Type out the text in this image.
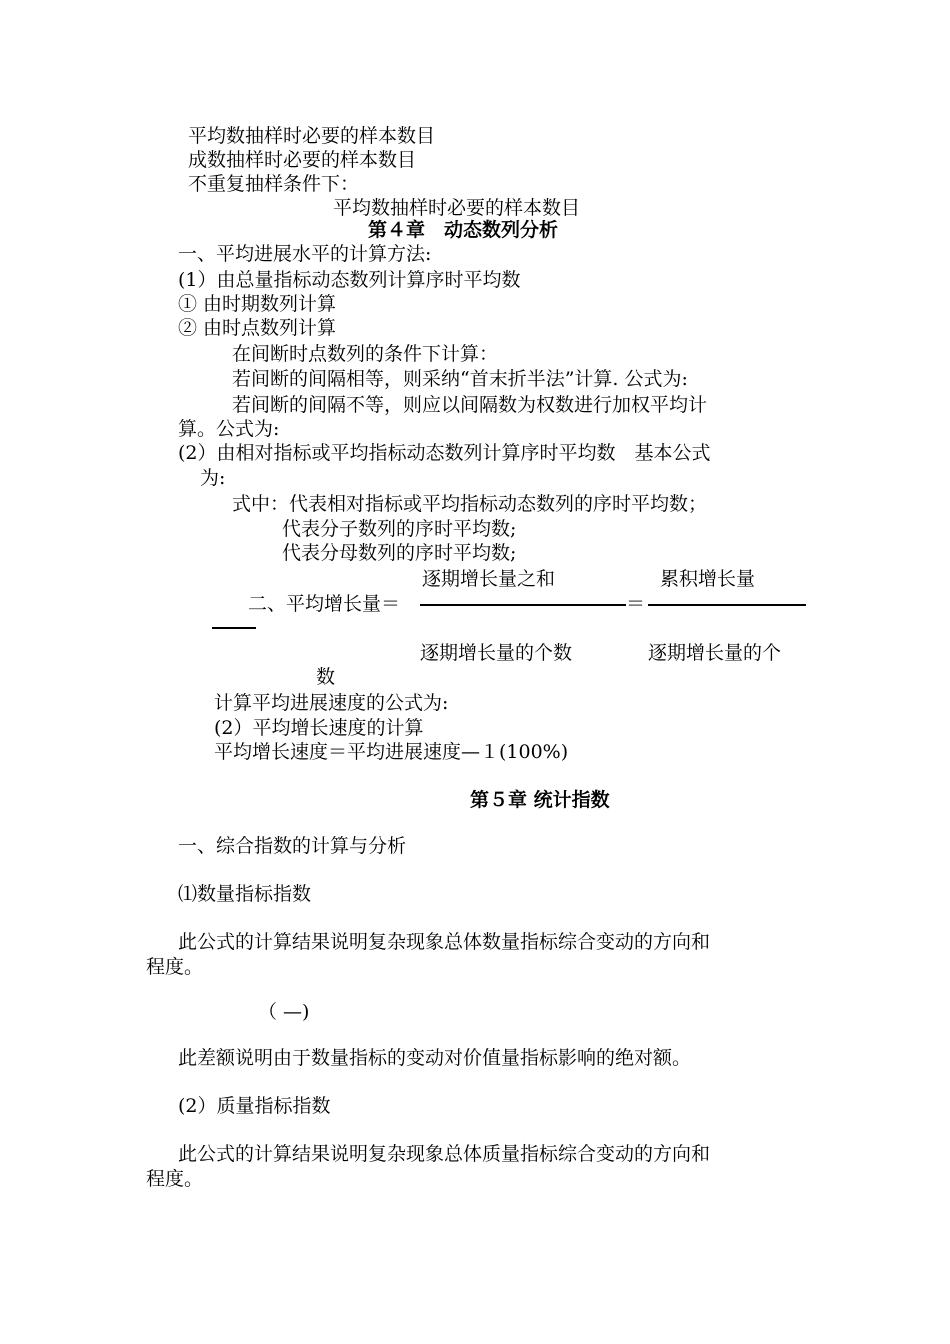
平均数抽样时必要的样本数目
成数抽样时必要的样本数目
不重复抽样条件下：
平均数抽样时必要的样本数目
第４章　动态数列分析
一、平均进展水平的计算方法:
(1）由总量指标动态数列计算序时平均数
① 由时期数列计算
② 由时点数列计算
在间断时点数列的条件下计算：
若间断的间隔相等，则采纳“首末折半法”计算. 公式为:
若间断的间隔不等，则应以间隔数为权数进行加权平均计
算。公式为:
(2）由相对指标或平均指标动态数列计算序时平均数　基本公式
为:
式中：代表相对指标或平均指标动态数列的序时平均数；
代表分子数列的序时平均数;
代表分母数列的序时平均数;
逐期增长量之和	累积增长量
二、平均增长量＝	＝
逐期增长量的个数	逐期增长量的个
数
计算平均进展速度的公式为:
(2）平均增长速度的计算
平均增长速度＝平均进展速度—１(100%)
第５章 统计指数
一、综合指数的计算与分析
⑴数量指标指数
此公式的计算结果说明复杂现象总体数量指标综合变动的方向和
程度。
（ —)
此差额说明由于数量指标的变动对价值量指标影响的绝对额。
(2）质量指标指数
此公式的计算结果说明复杂现象总体质量指标综合变动的方向和
程度。
